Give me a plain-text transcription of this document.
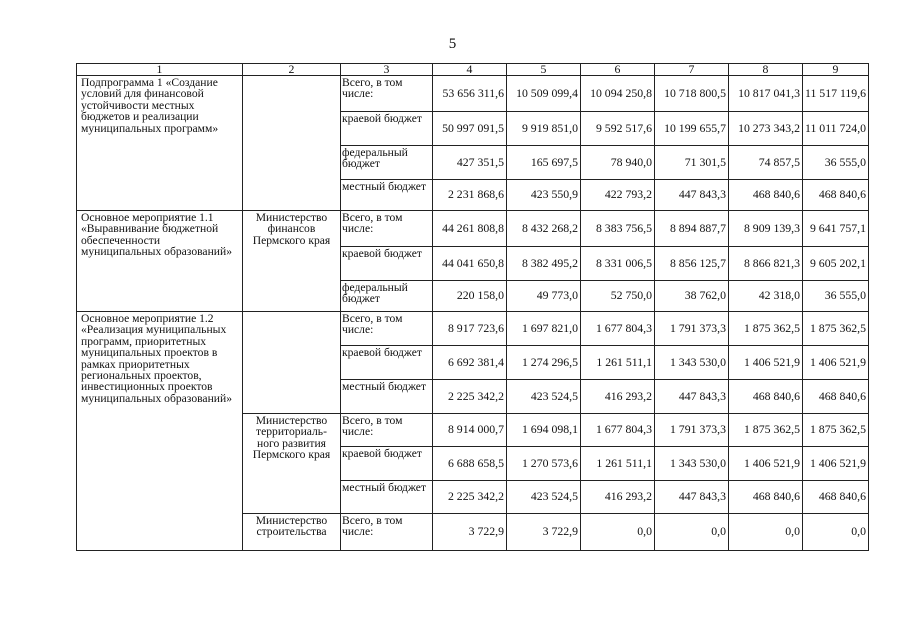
5
1	2	3	4	5	6	7	8	9
Подпрограмма 1 «Создание условий для финансовой устойчивости местных бюджетов и реализации муниципальных программ»		Всего, в том числе:	53 656 311,6	10 509 099,4	10 094 250,8	10 718 800,5	10 817 041,3	11 517 119,6
		краевой бюджет	50 997 091,5	9 919 851,0	9 592 517,6	10 199 655,7	10 273 343,2	11 011 724,0
		федеральный бюджет	427 351,5	165 697,5	78 940,0	71 301,5	74 857,5	36 555,0
		местный бюджет	2 231 868,6	423 550,9	422 793,2	447 843,3	468 840,6	468 840,6
Основное мероприятие 1.1 «Выравнивание бюджетной обеспеченности муниципальных образований»	Министерство финансов Пермского края	Всего, в том числе:	44 261 808,8	8 432 268,2	8 383 756,5	8 894 887,7	8 909 139,3	9 641 757,1
		краевой бюджет	44 041 650,8	8 382 495,2	8 331 006,5	8 856 125,7	8 866 821,3	9 605 202,1
		федеральный бюджет	220 158,0	49 773,0	52 750,0	38 762,0	42 318,0	36 555,0
Основное мероприятие 1.2 «Реализация муниципальных программ, приоритетных муниципальных проектов в рамках приоритетных региональных проектов, инвестиционных проектов муниципальных образований»		Всего, в том числе:	8 917 723,6	1 697 821,0	1 677 804,3	1 791 373,3	1 875 362,5	1 875 362,5
		краевой бюджет	6 692 381,4	1 274 296,5	1 261 511,1	1 343 530,0	1 406 521,9	1 406 521,9
		местный бюджет	2 225 342,2	423 524,5	416 293,2	447 843,3	468 840,6	468 840,6
	Министерство территориаль-ного развития Пермского края	Всего, в том числе:	8 914 000,7	1 694 098,1	1 677 804,3	1 791 373,3	1 875 362,5	1 875 362,5
		краевой бюджет	6 688 658,5	1 270 573,6	1 261 511,1	1 343 530,0	1 406 521,9	1 406 521,9
		местный бюджет	2 225 342,2	423 524,5	416 293,2	447 843,3	468 840,6	468 840,6
	Министерство строительства	Всего, в том числе:	3 722,9	3 722,9	0,0	0,0	0,0	0,0
